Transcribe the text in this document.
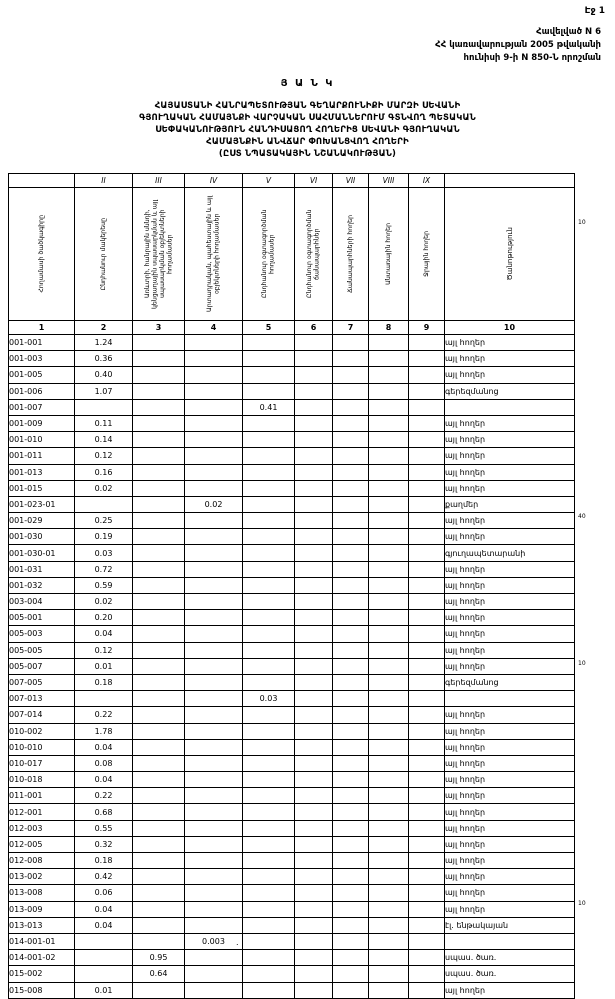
Էջ 1
Հավելված N 6
ՀՀ կառավարության 2005 թվականի
հունիսի 9-ի N 850-Ն որոշման
Յ Ա Ն Կ
ՀԱՅԱՍՏԱՆԻ ՀԱՆՐԱՊԵՏՈՒԹՅԱՆ ԳԵՂԱՐՔՈՒՆԻՔԻ ՄԱՐԶԻ ՍԵՎԱՆԻ
ԳՅՈՒՂԱԿԱՆ ՀԱՄԱՅՆՔԻ ՎԱՐՉԱԿԱՆ ՍԱՀՄԱՆՆԵՐՈՒՄ ԳՏՆՎՈՂ ՊԵՏԱԿԱՆ
ՍԵՓԱԿԱՆՈՒԹՅՈՒՆ ՀԱՆԴԻՍԱՑՈՂ ՀՈՂԵՐԻՑ ՍԵՎԱՆԻ ԳՅՈՒՂԱԿԱՆ
ՀԱՄԱՅՆՔԻՆ ԱՆՎՃԱՐ ՓՈԽԱՆՑՎՈՂ ՀՈՂԵՐԻ
(ԸՍՏ ՆՊԱՏԱԿԱՅԻՆ ՆՇԱՆԱԿՈՒԹՅԱՆ)
	II	III	IV	V	VI	VII	VIII	IX	

Հողամասի ծածկագիրը	Ընդհանուր մակերեսը	Առևտրի, հանրային սննդի, կենցաղային սպասարկման և այլ սպասարկման օբյեկտների հողամասեր	Արտադրական, պահեստային և այլ օբյեկտների հողամասեր	Ընդհանուր օգտագործման հողամասեր	Ընդհանուր օգտագործման ճանապարհներ	Ճանապարհների հողեր	Անտառային հողեր	Ջրային հողեր	Ծանոթություն

1	2	3	4	5	6	7	8	9	10
001-001	1.24								այլ հողեր
001-003	0.36								այլ հողեր
001-005	0.40								այլ հողեր
001-006	1.07								գերեզմանոց
001-007				0.41					
001-009	0.11								այլ հողեր
001-010	0.14								այլ հողեր
001-011	0.12								այլ հողեր
001-013	0.16								այլ հողեր
001-015	0.02								այլ հողեր
001-023-01			0.02						քաղմեր
001-029	0.25								այլ հողեր
001-030	0.19								այլ հողեր
001-030-01	0.03								գյուղապետարանի
001-031	0.72								այլ հողեր
001-032	0.59								այլ հողեր
003-004	0.02								այլ հողեր
005-001	0.20								այլ հողեր
005-003	0.04								այլ հողեր
005-005	0.12								այլ հողեր
005-007	0.01								այլ հողեր
007-005	0.18								գերեզմանոց
007-013				0.03					
007-014	0.22								այլ հողեր
010-002	1.78								այլ հողեր
010-010	0.04								այլ հողեր
010-017	0.08								այլ հողեր
010-018	0.04								այլ հողեր
011-001	0.22								այլ հողեր
012-001	0.68								այլ հողեր
012-003	0.55								այլ հողեր
012-005	0.32								այլ հողեր
012-008	0.18								այլ հողեր
013-002	0.42								այլ հողեր
013-008	0.06								այլ հողեր
013-009	0.04								այլ հողեր
013-013	0.04								էլ. ենթակայան
014-001-01			0.003						
014-001-02		0.95							սպաս. ծառ.
015-002		0.64							սպաս. ծառ.
015-008	0.01								այլ հողեր
10
40
10
10
.
